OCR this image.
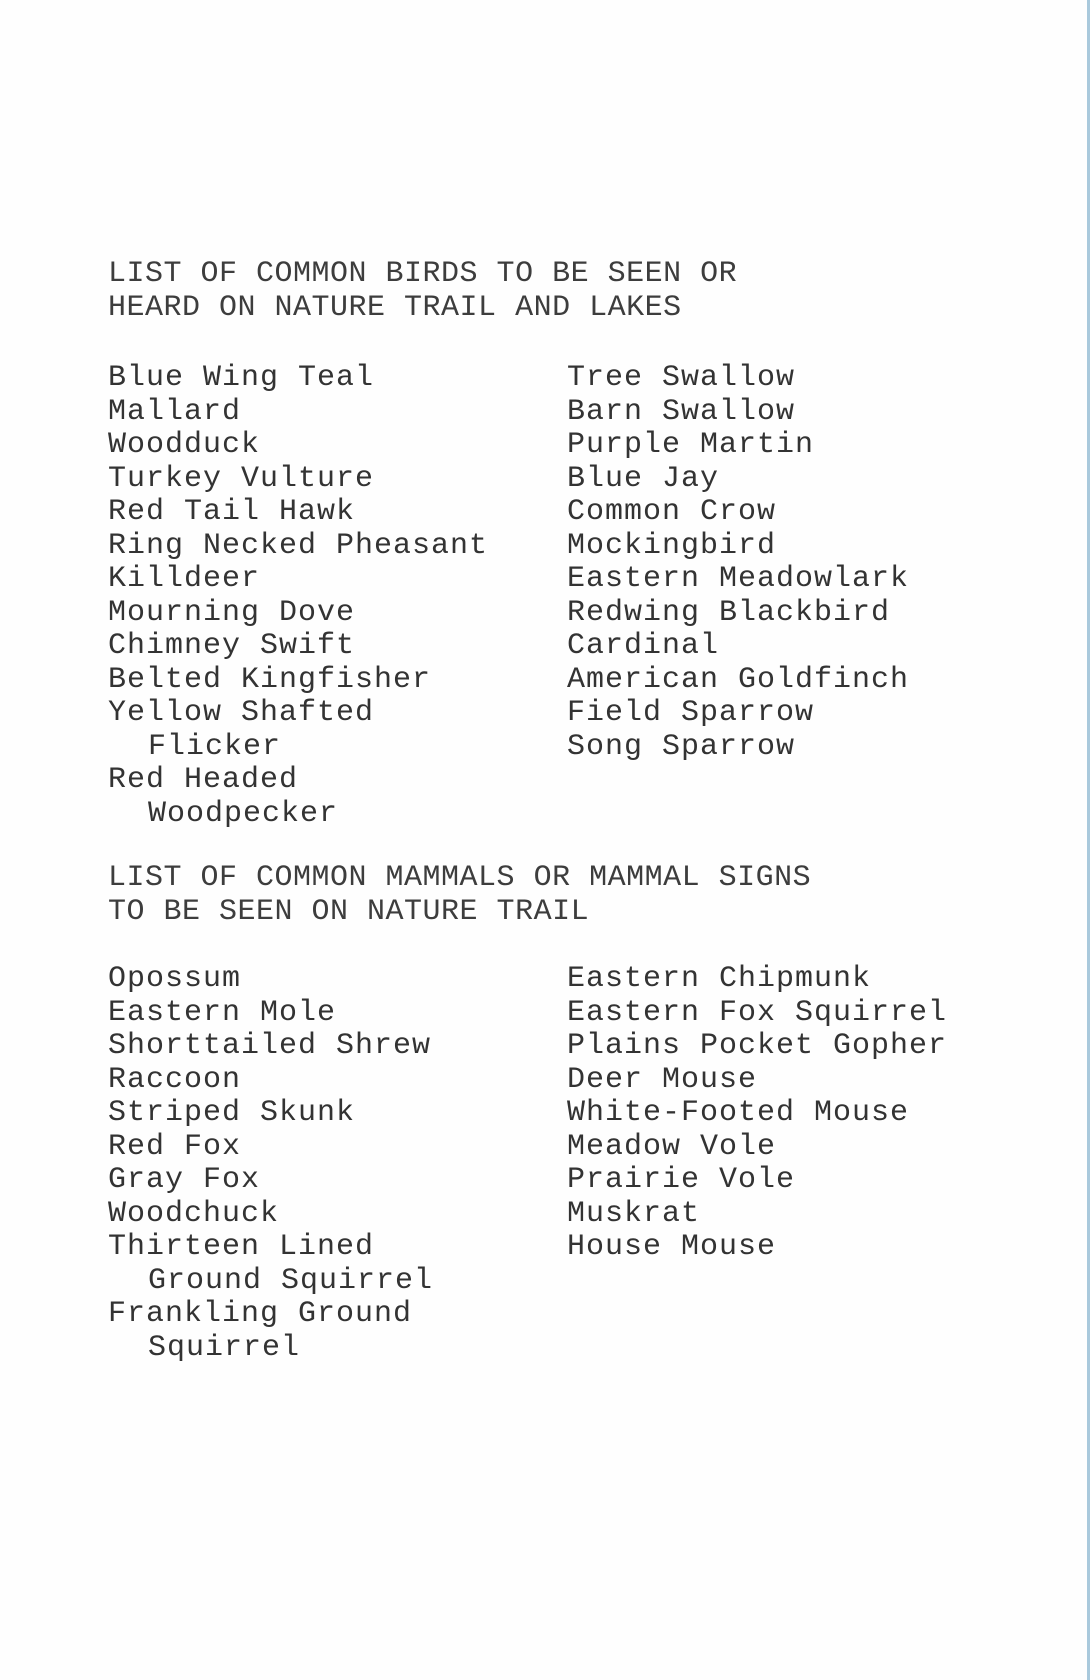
LIST OF COMMON BIRDS TO BE SEEN OR
HEARD ON NATURE TRAIL AND LAKES
Blue Wing Teal
Mallard
Woodduck
Turkey Vulture
Red Tail Hawk
Ring Necked Pheasant
Killdeer
Mourning Dove
Chimney Swift
Belted Kingfisher
Yellow Shafted
Flicker
Red Headed
Woodpecker
Tree Swallow
Barn Swallow
Purple Martin
Blue Jay
Common Crow
Mockingbird
Eastern Meadowlark
Redwing Blackbird
Cardinal
American Goldfinch
Field Sparrow
Song Sparrow
LIST OF COMMON MAMMALS OR MAMMAL SIGNS
TO BE SEEN ON NATURE TRAIL
Opossum
Eastern Mole
Shorttailed Shrew
Raccoon
Striped Skunk
Red Fox
Gray Fox
Woodchuck
Thirteen Lined
Ground Squirrel
Frankling Ground
Squirrel
Eastern Chipmunk
Eastern Fox Squirrel
Plains Pocket Gopher
Deer Mouse
White-Footed Mouse
Meadow Vole
Prairie Vole
Muskrat
House Mouse
